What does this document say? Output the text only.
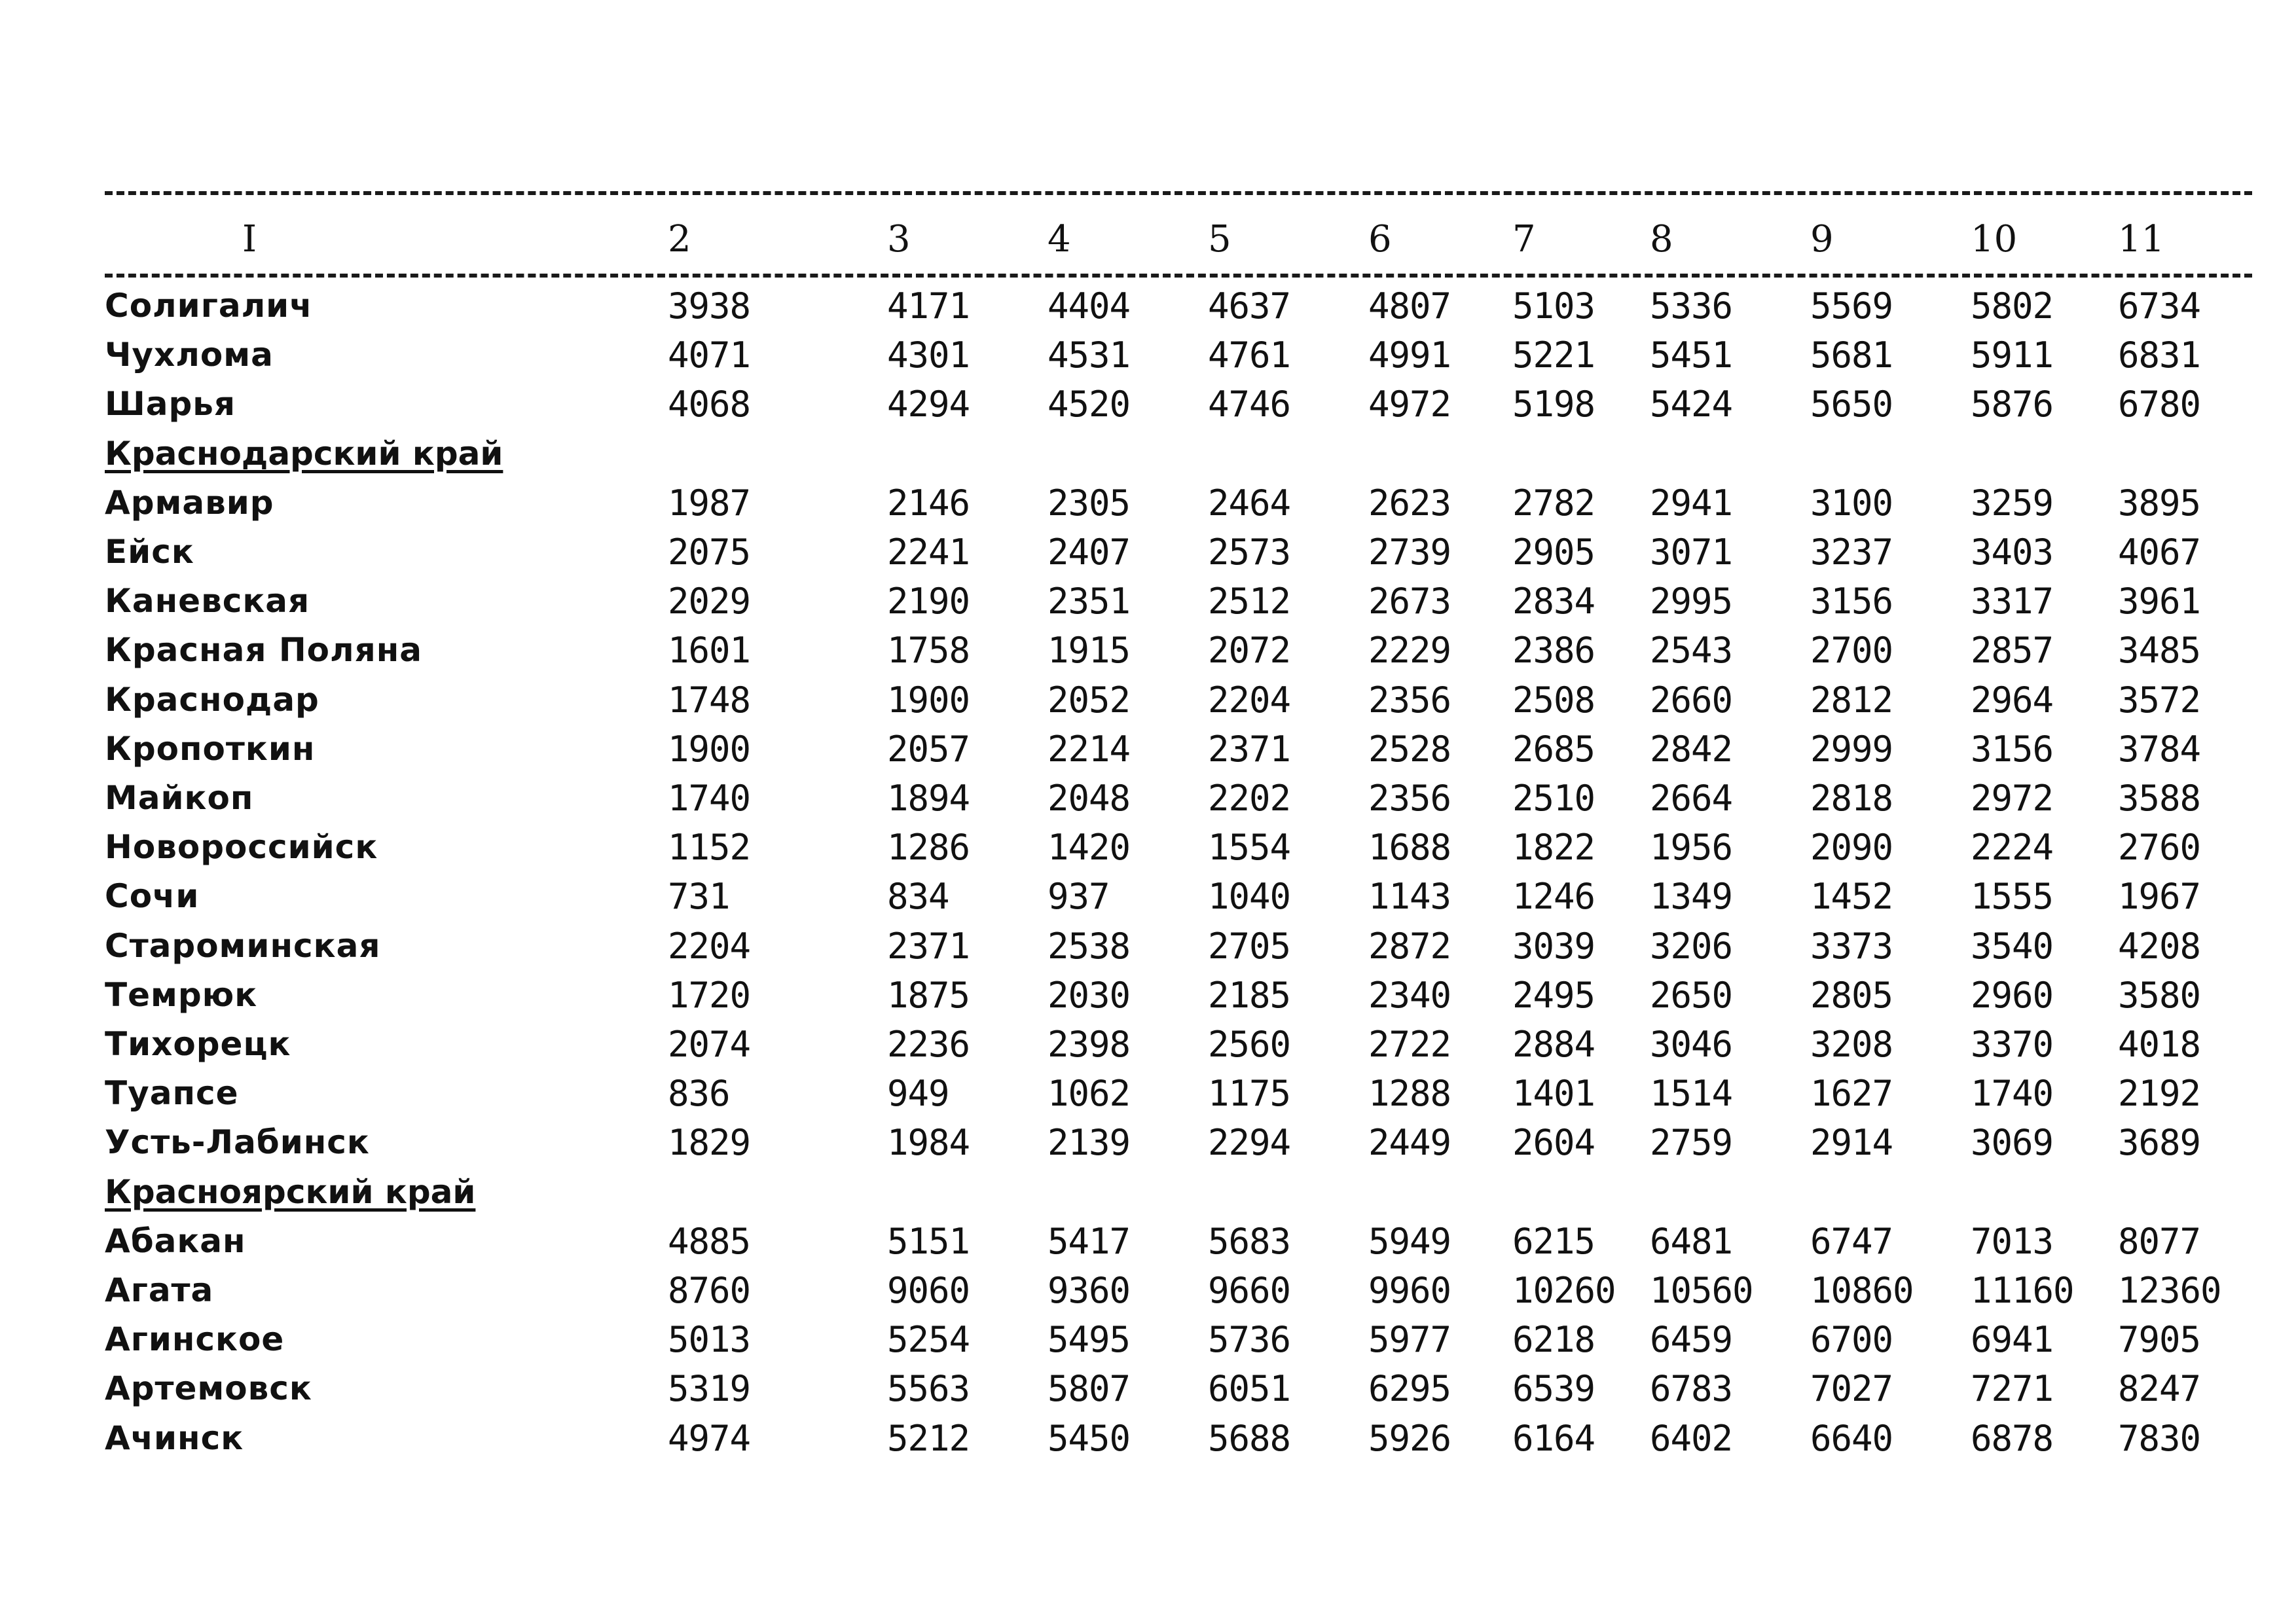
I	2	3	4	5	6	7	8	9	10	11
Солигалич	3938	4171 4404 4637 4807 5103 5336 5569 5802 6734
Чухлома	4071	4301 4531 4761 4991 5221 5451 5681 5911 6831
Шарья	4068	4294 4520 4746 4972 5198 5424 5650 5876 6780
Краснодарский край
Армавир	1987	2146 2305 2464 2623 2782 2941 3100 3259 3895
Ейск	2075	2241 2407 2573 2739 2905 3071 3237 3403 4067
Каневская	2029	2190 2351 2512 2673 2834 2995 3156 3317 3961
Красная Поляна	1601	1758 1915 2072 2229 2386 2543 2700 2857 3485
Краснодар	1748	1900 2052 2204 2356 2508 2660 2812 2964 3572
Кропоткин	1900	2057 2214 2371 2528 2685 2842 2999 3156 3784
Майкоп	1740	1894 2048 2202 2356 2510 2664 2818 2972 3588
Новороссийск	1152	1286 1420 1554 1688 1822 1956 2090 2224 2760
Сочи	731	834	937	1040 1143 1246 1349 1452 1555 1967
Староминская	2204	2371 2538 2705 2872 3039 3206 3373 3540 4208
Темрюк	1720	1875 2030 2185 2340 2495 2650 2805 2960 3580
Тихорецк	2074	2236 2398 2560 2722 2884 3046 3208 3370 4018
Туапсе	836	949	1062 1175 1288 1401 1514 1627 1740 2192
Усть-Лабинск	1829	1984 2139 2294 2449 2604 2759 2914 3069 3689
Красноярский край
Абакан	4885	5151 5417 5683 5949 6215 6481 6747 7013 8077
Агата	8760	9060 9360 9660 9960 10260 10560 10860 11160 12360
Агинское	5013	5254 5495 5736 5977 6218 6459 6700 6941 7905
Артемовск	5319	5563 5807 6051 6295 6539 6783 7027 7271 8247
Ачинск	4974	5212 5450 5688 5926 6164 6402 6640 6878 7830
